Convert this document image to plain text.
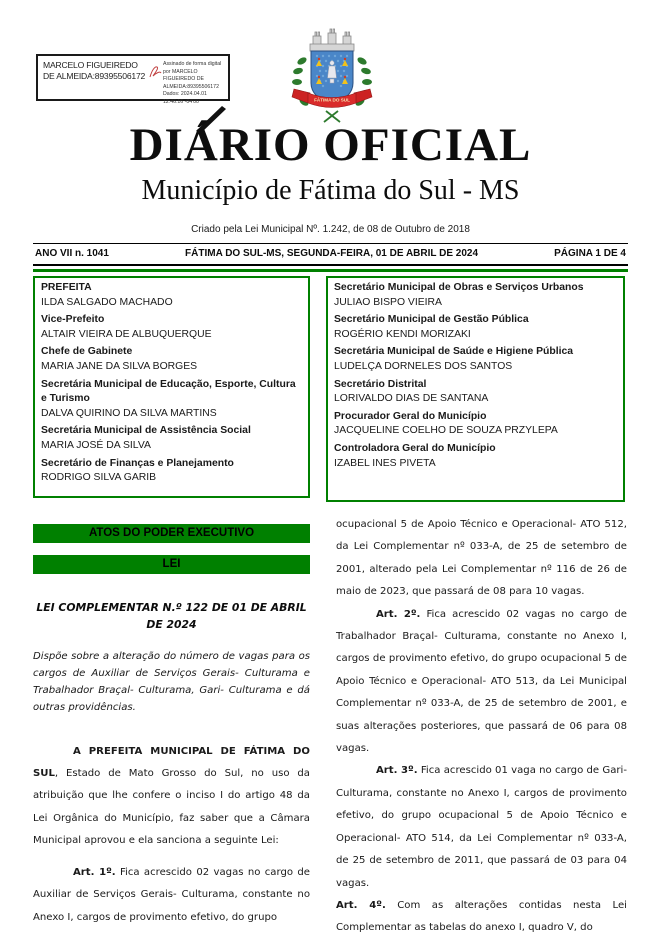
MARCELO FIGUEIREDO DE ALMEIDA:89395506172
Assinado de forma digital por MARCELO FIGUEIREDO DE ALMEIDA:89395506172 Dados: 2024.04.01 12:46:16 -04'00'	FÁTIMA DO SUL
DIÁRIO OFICIAL
Município de Fátima do Sul - MS
Criado pela Lei Municipal Nº. 1.242, de 08 de Outubro de 2018
ANO VII n. 1041	FÁTIMA DO SUL-MS, SEGUNDA-FEIRA, 01 DE ABRIL DE 2024	PÁGINA 1 DE 4
PREFEITA
ILDA SALGADO MACHADO
Vice-Prefeito
ALTAIR VIEIRA DE ALBUQUERQUE
Chefe de Gabinete
MARIA JANE DA SILVA BORGES
Secretária Municipal de Educação, Esporte, Cultura e Turismo
DALVA QUIRINO DA SILVA MARTINS
Secretária Municipal de Assistência Social
MARIA JOSÉ DA SILVA
Secretário de Finanças e Planejamento
RODRIGO SILVA GARIB
Secretário Municipal de Obras e Serviços Urbanos
JULIAO BISPO VIEIRA
Secretário Municipal de Gestão Pública
ROGÉRIO KENDI MORIZAKI
Secretária Municipal de Saúde e Higiene Pública
LUDELÇA DORNELES DOS SANTOS
Secretário Distrital
LORIVALDO DIAS DE SANTANA
Procurador Geral do Município
JACQUELINE COELHO DE SOUZA PRZYLEPA
Controladora Geral do Município
IZABEL INES PIVETA
ATOS DO PODER EXECUTIVO
LEI
LEI COMPLEMENTAR N.º 122 DE 01 DE ABRIL DE 2024
Dispõe sobre a alteração do número de vagas para os cargos de Auxiliar de Serviços Gerais- Culturama e Trabalhador Braçal- Culturama, Gari- Culturama e dá outras providências.

A PREFEITA MUNICIPAL DE FÁTIMA DO SUL, Estado de Mato Grosso do Sul, no uso da atribuição que lhe confere o inciso I do artigo 48 da Lei Orgânica do Município, faz saber que a Câmara Municipal aprovou e ela sanciona a seguinte Lei:

Art. 1º. Fica acrescido 02 vagas no cargo de Auxiliar de Serviços Gerais- Culturama, constante no Anexo I, cargos de provimento efetivo, do grupo

ocupacional 5 de Apoio Técnico e Operacional- ATO 512, da Lei Complementar nº 033-A, de 25 de setembro de 2001, alterado pela Lei Complementar nº 116 de 26 de maio de 2023, que passará de 08 para 10 vagas.

Art. 2º. Fica acrescido 02 vagas no cargo de Trabalhador Braçal- Culturama, constante no Anexo I, cargos de provimento efetivo, do grupo ocupacional 5 de Apoio Técnico e Operacional- ATO 513, da Lei Municipal Complementar nº 033-A, de 25 de setembro de 2001, e suas alterações posteriores, que passará de 06 para 08 vagas.

Art. 3º. Fica acrescido 01 vaga no cargo de Gari- Culturama, constante no Anexo I, cargos de provimento efetivo, do grupo ocupacional 5 de Apoio Técnico e Operacional- ATO 514, da Lei Complementar nº 033-A, de 25 de setembro de 2011, que passará de 03 para 04 vagas.

Art. 4º. Com as alterações contidas nesta Lei Complementar as tabelas do anexo I, quadro V, do
